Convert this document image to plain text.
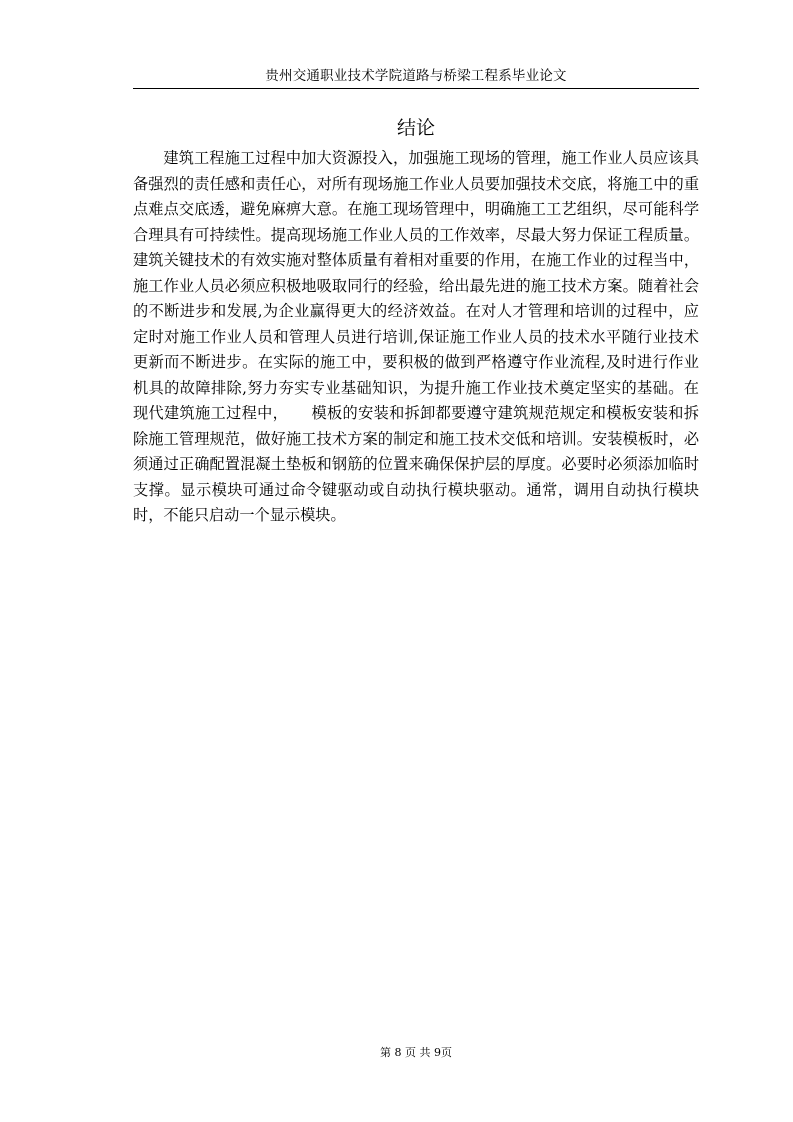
贵州交通职业技术学院道路与桥梁工程系毕业论文
结论

建筑工程施工过程中加大资源投入，加强施工现场的管理，施工作业人员应该具备强烈的责任感和责任心，对所有现场施工作业人员要加强技术交底，将施工中的重点难点交底透，避免麻痹大意。在施工现场管理中，明确施工工艺组织，尽可能科学合理具有可持续性。提高现场施工作业人员的工作效率，尽最大努力保证工程质量。建筑关键技术的有效实施对整体质量有着相对重要的作用，在施工作业的过程当中，施工作业人员必须应积极地吸取同行的经验，给出最先进的施工技术方案。随着社会的不断进步和发展,为企业赢得更大的经济效益。在对人才管理和培训的过程中，应定时对施工作业人员和管理人员进行培训,保证施工作业人员的技术水平随行业技术更新而不断进步。在实际的施工中，要积极的做到严格遵守作业流程,及时进行作业机具的故障排除,努力夯实专业基础知识，为提升施工作业技术奠定坚实的基础。在现代建筑施工过程中，　　模板的安装和拆卸都要遵守建筑规范规定和模板安装和拆除施工管理规范，做好施工技术方案的制定和施工技术交低和培训。安装模板时，必须通过正确配置混凝土垫板和钢筋的位置来确保保护层的厚度。必要时必须添加临时支撑。显示模块可通过命令键驱动或自动执行模块驱动。通常，调用自动执行模块时，不能只启动一个显示模块。

第 8 页 共 9页
